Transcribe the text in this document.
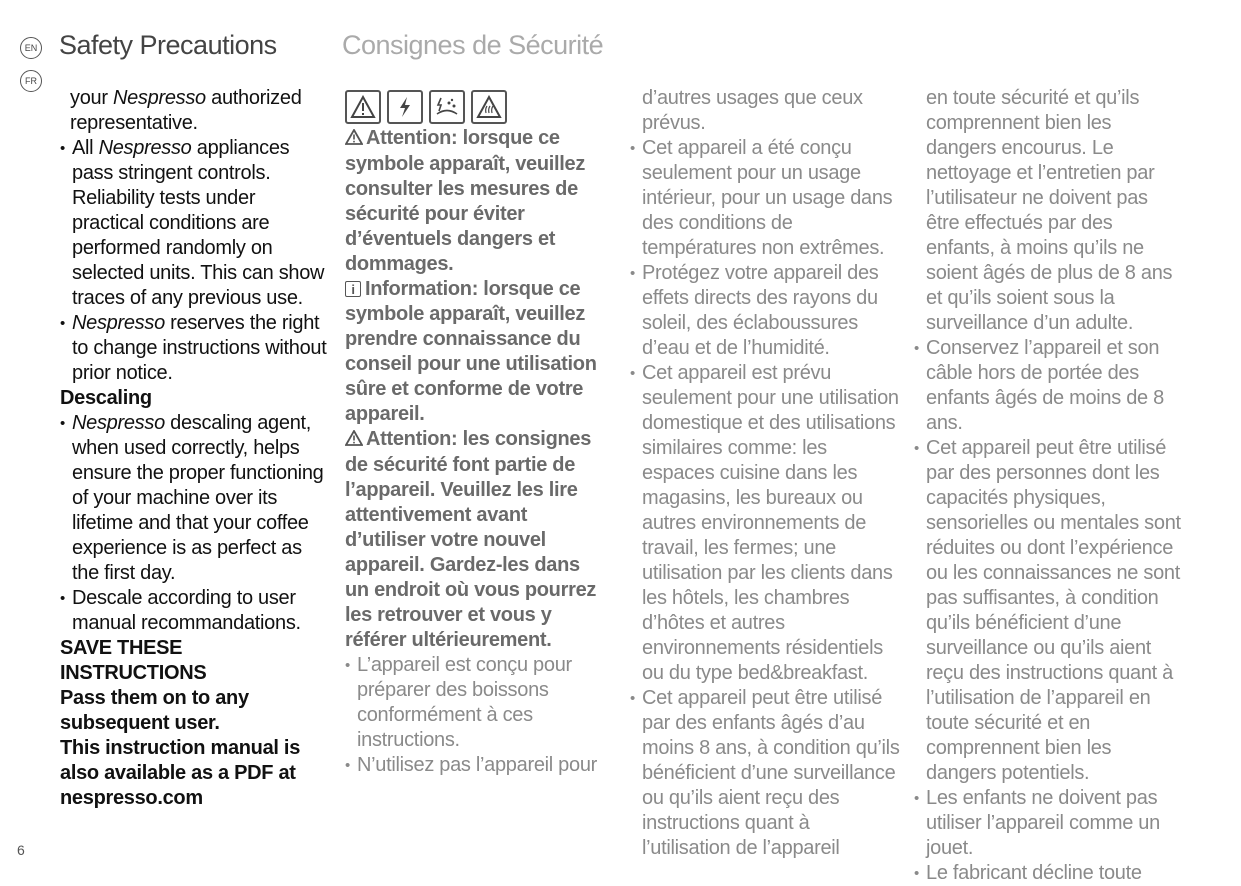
EN
FR
Safety Precautions Consignes de Sécurité

your Nespresso authorized representative.

• All Nespresso appliances pass stringent controls. Reliability tests under practical conditions are performed randomly on selected units. This can show traces of any previous use.
• Nespresso reserves the right to change instructions without prior notice.

Descaling

• Nespresso descaling agent, when used correctly, helps ensure the proper functioning of your machine over its lifetime and that your coffee experience is as perfect as the first day.
• Descale according to user manual recommandations.

SAVE THESE INSTRUCTIONS

Pass them on to any subsequent user.

This instruction manual is also available as a PDF at nespresso.com

Attention: lorsque ce symbole apparaît, veuillez consulter les mesures de sécurité pour éviter d’éventuels dangers et dommages.

i Information: lorsque ce symbole apparaît, veuillez prendre connaissance du conseil pour une utilisation sûre et conforme de votre appareil.

Attention: les consignes de sécurité font partie de l’appareil. Veuillez les lire attentivement avant d’utiliser votre nouvel appareil. Gardez-les dans un endroit où vous pourrez les retrouver et vous y référer ultérieurement.

• L’appareil est conçu pour préparer des boissons conformément à ces instructions.
• N’utilisez pas l’appareil pour

d’autres usages que ceux prévus.

• Cet appareil a été conçu seulement pour un usage intérieur, pour un usage dans des conditions de températures non extrêmes.
• Protégez votre appareil des effets directs des rayons du soleil, des éclaboussures d’eau et de l’humidité.
• Cet appareil est prévu seulement pour une utilisation domestique et des utilisations similaires comme: les espaces cuisine dans les magasins, les bureaux ou autres environnements de travail, les fermes; une utilisation par les clients dans les hôtels, les chambres d’hôtes et autres environnements résidentiels ou du type bed&breakfast.
• Cet appareil peut être utilisé par des enfants âgés d’au moins 8 ans, à condition qu’ils bénéficient d’une surveillance ou qu’ils aient reçu des instructions quant à l’utilisation de l’appareil

en toute sécurité et qu’ils comprennent bien les dangers encourus. Le nettoyage et l’entretien par l’utilisateur ne doivent pas être effectués par des enfants, à moins qu’ils ne soient âgés de plus de 8 ans et qu’ils soient sous la surveillance d’un adulte.

• Conservez l’appareil et son câble hors de portée des enfants âgés de moins de 8 ans.
• Cet appareil peut être utilisé par des personnes dont les capacités physiques, sensorielles ou mentales sont réduites ou dont l’expérience ou les connaissances ne sont pas suffisantes, à condition qu’ils bénéficient d’une surveillance ou qu’ils aient reçu des instructions quant à l’utilisation de l’appareil en toute sécurité et en comprennent bien les dangers potentiels.
• Les enfants ne doivent pas utiliser l’appareil comme un jouet.
• Le fabricant décline toute
6
